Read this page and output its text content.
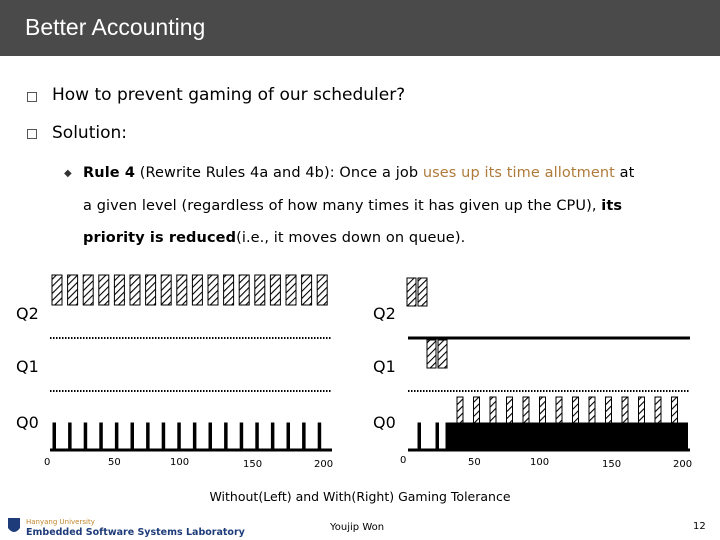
Better Accounting
How to prevent gaming of our scheduler?
Solution:
◆ Rule 4 (Rewrite Rules 4a and 4b): Once a job uses up its time allotment at
a given level (regardless of how many times it has given up the CPU), its
priority is reduced(i.e., it moves down on queue).
Q2
Q1
Q0
0	50	100	150	200
Q2
Q1
Q0
0	50	100	150	200
Without(Left) and With(Right) Gaming Tolerance
Hanyang University
Embedded Software Systems Laboratory	Youjip Won	12
